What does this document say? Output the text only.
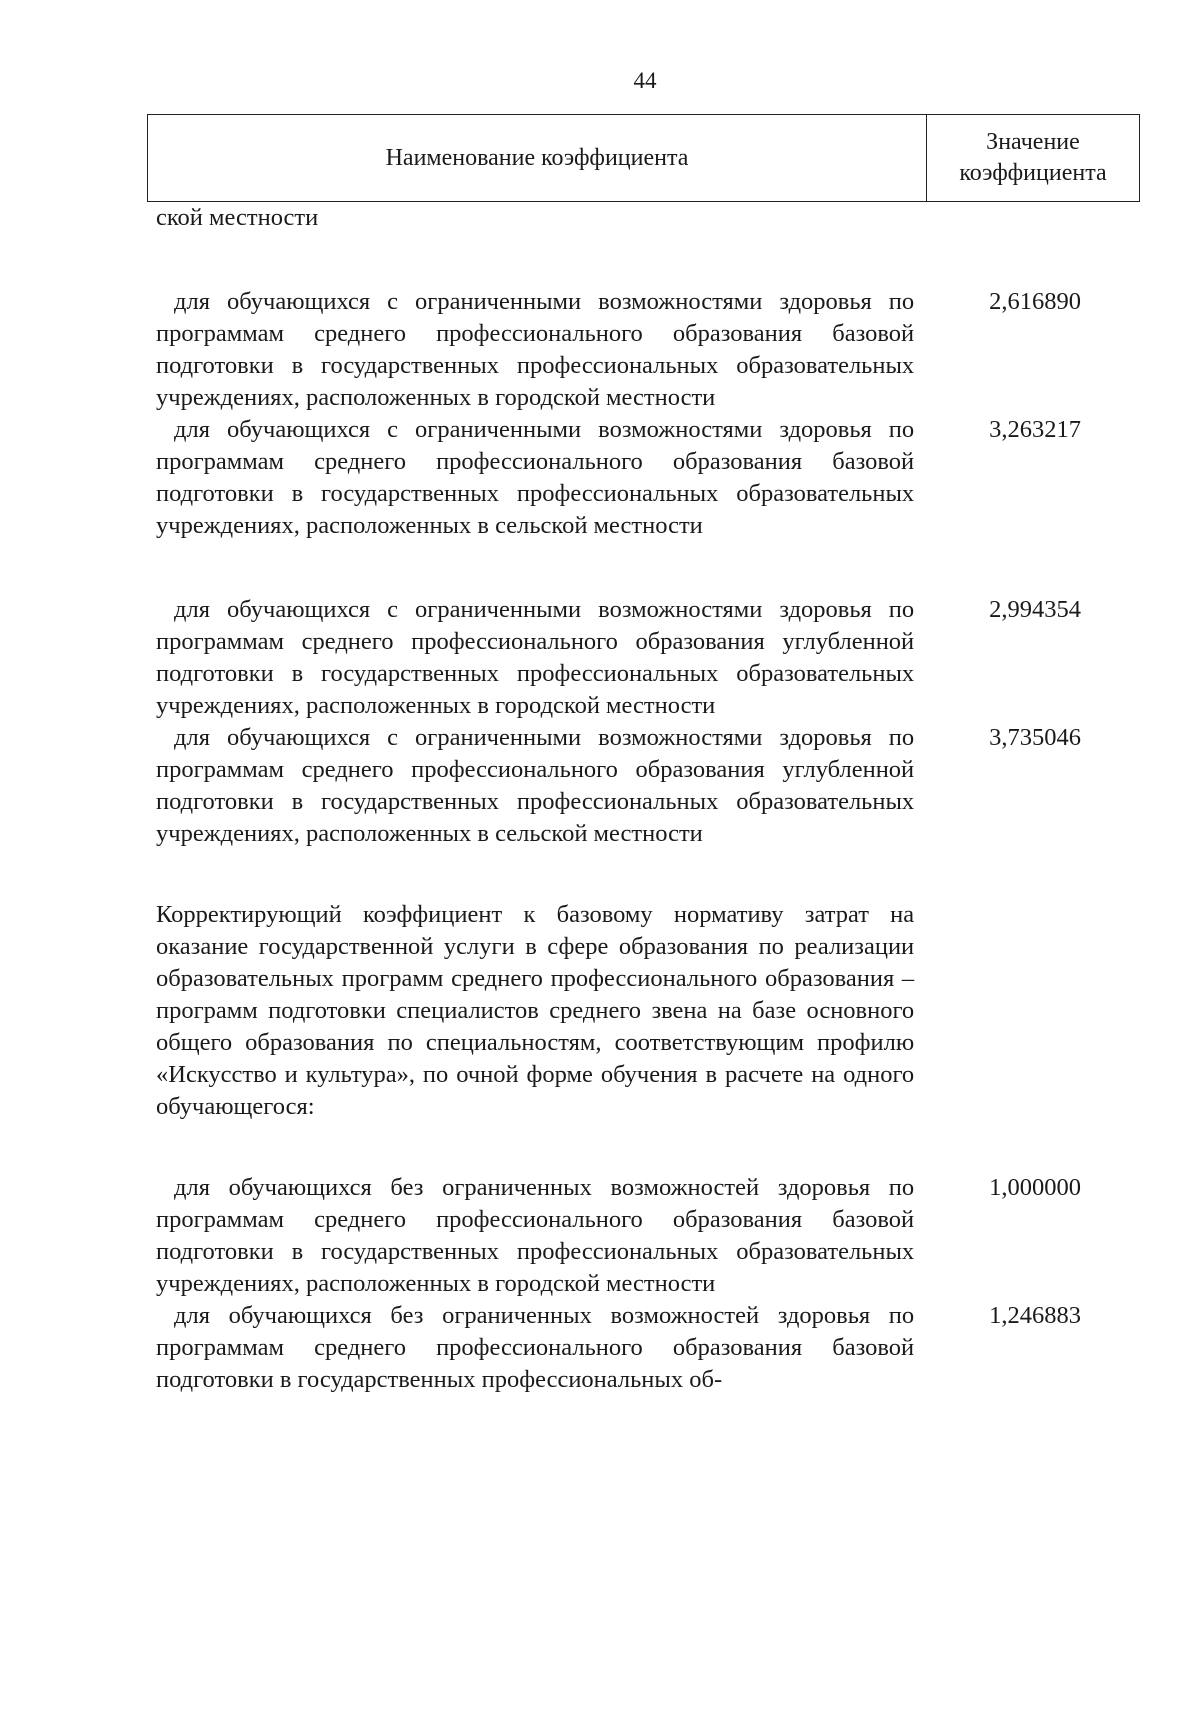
44
Наименование коэффициента
Значение
коэффициента
ской местности
для обучающихся с ограниченными возможностями здоровья по программам среднего профессионального образования базовой подготовки в государственных профессиональных образовательных учреждениях, расположенных в городской местности
2,616890
для обучающихся с ограниченными возможностями здоровья по программам среднего профессионального образования базовой подготовки в государственных профессиональных образовательных учреждениях, расположенных в сельской местности
3,263217
для обучающихся с ограниченными возможностями здоровья по программам среднего профессионального образования углубленной подготовки в государственных профессиональных образовательных учреждениях, расположенных в городской местности
2,994354
для обучающихся с ограниченными возможностями здоровья по программам среднего профессионального образования углубленной подготовки в государственных профессиональных образовательных учреждениях, расположенных в сельской местности
3,735046
Корректирующий коэффициент к базовому нормативу затрат на оказание государственной услуги в сфере образования по реализации образовательных программ среднего профессионального образования – программ подготовки специалистов среднего звена на базе основного общего образования по специальностям, соответствующим профилю «Искусство и культура», по очной форме обучения в расчете на одного обучающегося:
для обучающихся без ограниченных возможностей здоровья по программам среднего профессионального образования базовой подготовки в государственных профессиональных образовательных учреждениях, расположенных в городской местности
1,000000
для обучающихся без ограниченных возможностей здоровья по программам среднего профессионального образования базовой подготовки в государственных профессиональных об-
1,246883
